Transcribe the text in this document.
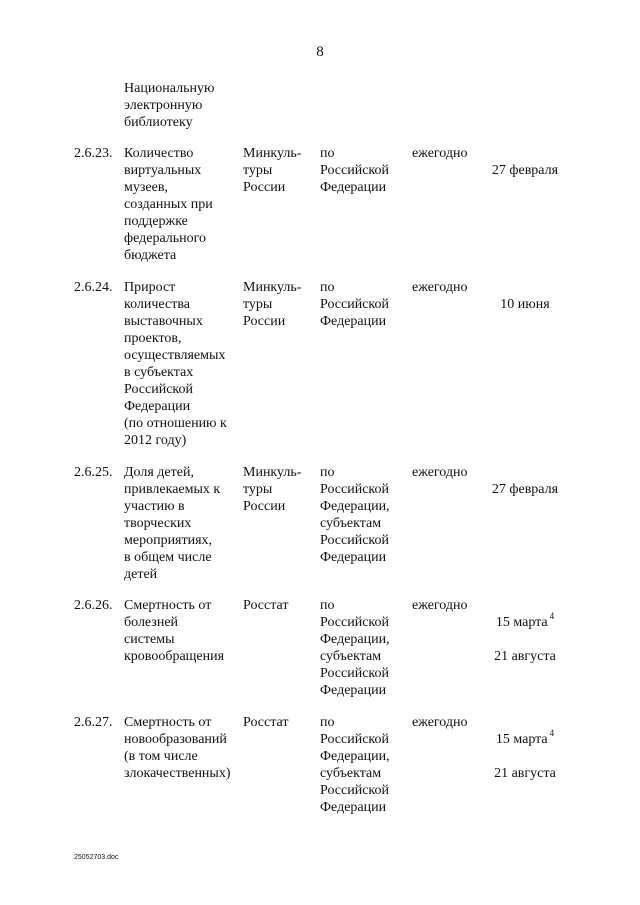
8
Национальную
электронную
библиотеку
2.6.23. Количество
виртуальных
музеев,
созданных при
поддержке
федерального
бюджета
Минкуль-
туры
России
по
Российской
Федерации
ежегодно

27 февраля

2.6.24. Прирост
количества
выставочных
проектов,
осуществляемых
в субъектах
Российской
Федерации
(по отношению к
2012 году)
Минкуль-
туры
России
по
Российской
Федерации
ежегодно

10 июня

2.6.25. Доля детей,
привлекаемых к
участию в
творческих
мероприятиях,
в общем числе
детей
Минкуль-
туры
России
по
Российской
Федерации,
субъектам
Российской
Федерации
ежегодно

27 февраля

2.6.26. Смертность от
болезней
системы
кровообращения
Росстат	по
Российской
Федерации,
субъектам
Российской
Федерации
ежегодно

15 марта $^4$

21 августа

2.6.27. Смертность от
новообразований
(в том числе
злокачественных)
Росстат	по
Российской
Федерации,
субъектам
Российской
Федерации
ежегодно

15 марта $^4$

21 августа

25052703.doc
